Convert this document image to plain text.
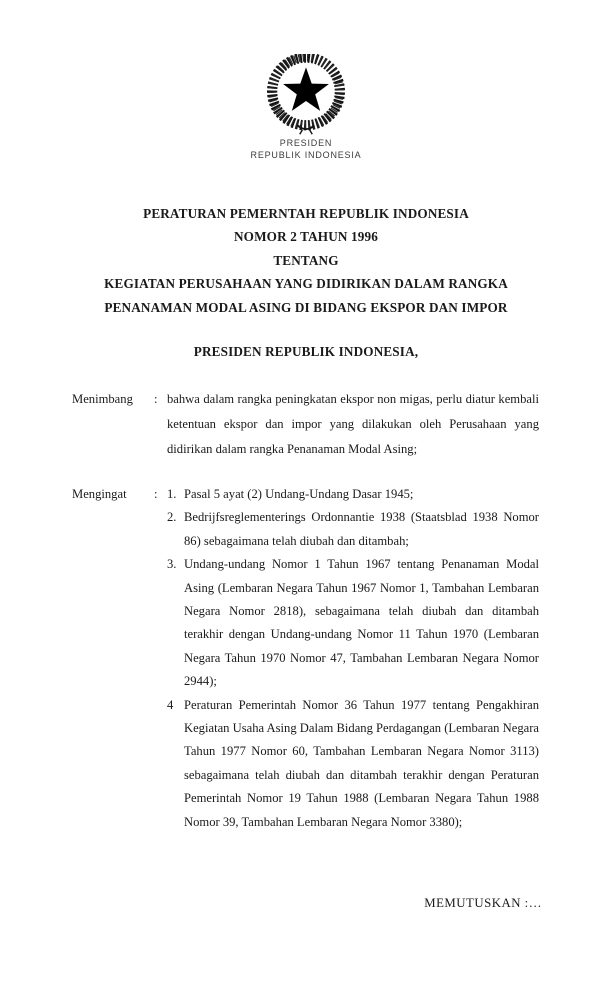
PRESIDEN
REPUBLIK INDONESIA
PERATURAN PEMERNTAH REPUBLIK INDONESIA
NOMOR 2 TAHUN 1996
TENTANG
KEGIATAN PERUSAHAAN YANG DIDIRIKAN DALAM RANGKA
PENANAMAN MODAL ASING DI BIDANG EKSPOR DAN IMPOR
PRESIDEN REPUBLIK INDONESIA,
Menimbang	: bahwa dalam rangka peningkatan ekspor non migas, perlu diatur kembali ketentuan ekspor dan impor yang dilakukan oleh Perusahaan yang didirikan dalam rangka Penanaman Modal Asing;
Mengingat	: 1. Pasal 5 ayat (2) Undang-Undang Dasar 1945;
2. Bedrijfsreglementerings Ordonnantie 1938 (Staatsblad 1938 Nomor 86) sebagaimana telah diubah dan ditambah;
3. Undang-undang Nomor 1 Tahun 1967 tentang Penanaman Modal Asing (Lembaran Negara Tahun 1967 Nomor 1, Tambahan Lembaran Negara Nomor 2818), sebagaimana telah diubah dan ditambah terakhir dengan Undang-undang Nomor 11 Tahun 1970 (Lembaran Negara Tahun 1970 Nomor 47, Tambahan Lembaran Negara Nomor 2944);
4 Peraturan Pemerintah Nomor 36 Tahun 1977 tentang Pengakhiran Kegiatan Usaha Asing Dalam Bidang Perdagangan (Lembaran Negara Tahun 1977 Nomor 60, Tambahan Lembaran Negara Nomor 3113) sebagaimana telah diubah dan ditambah terakhir dengan Peraturan Pemerintah Nomor 19 Tahun 1988 (Lembaran Negara Tahun 1988 Nomor 39, Tambahan Lembaran Negara Nomor 3380);
MEMUTUSKAN :…
